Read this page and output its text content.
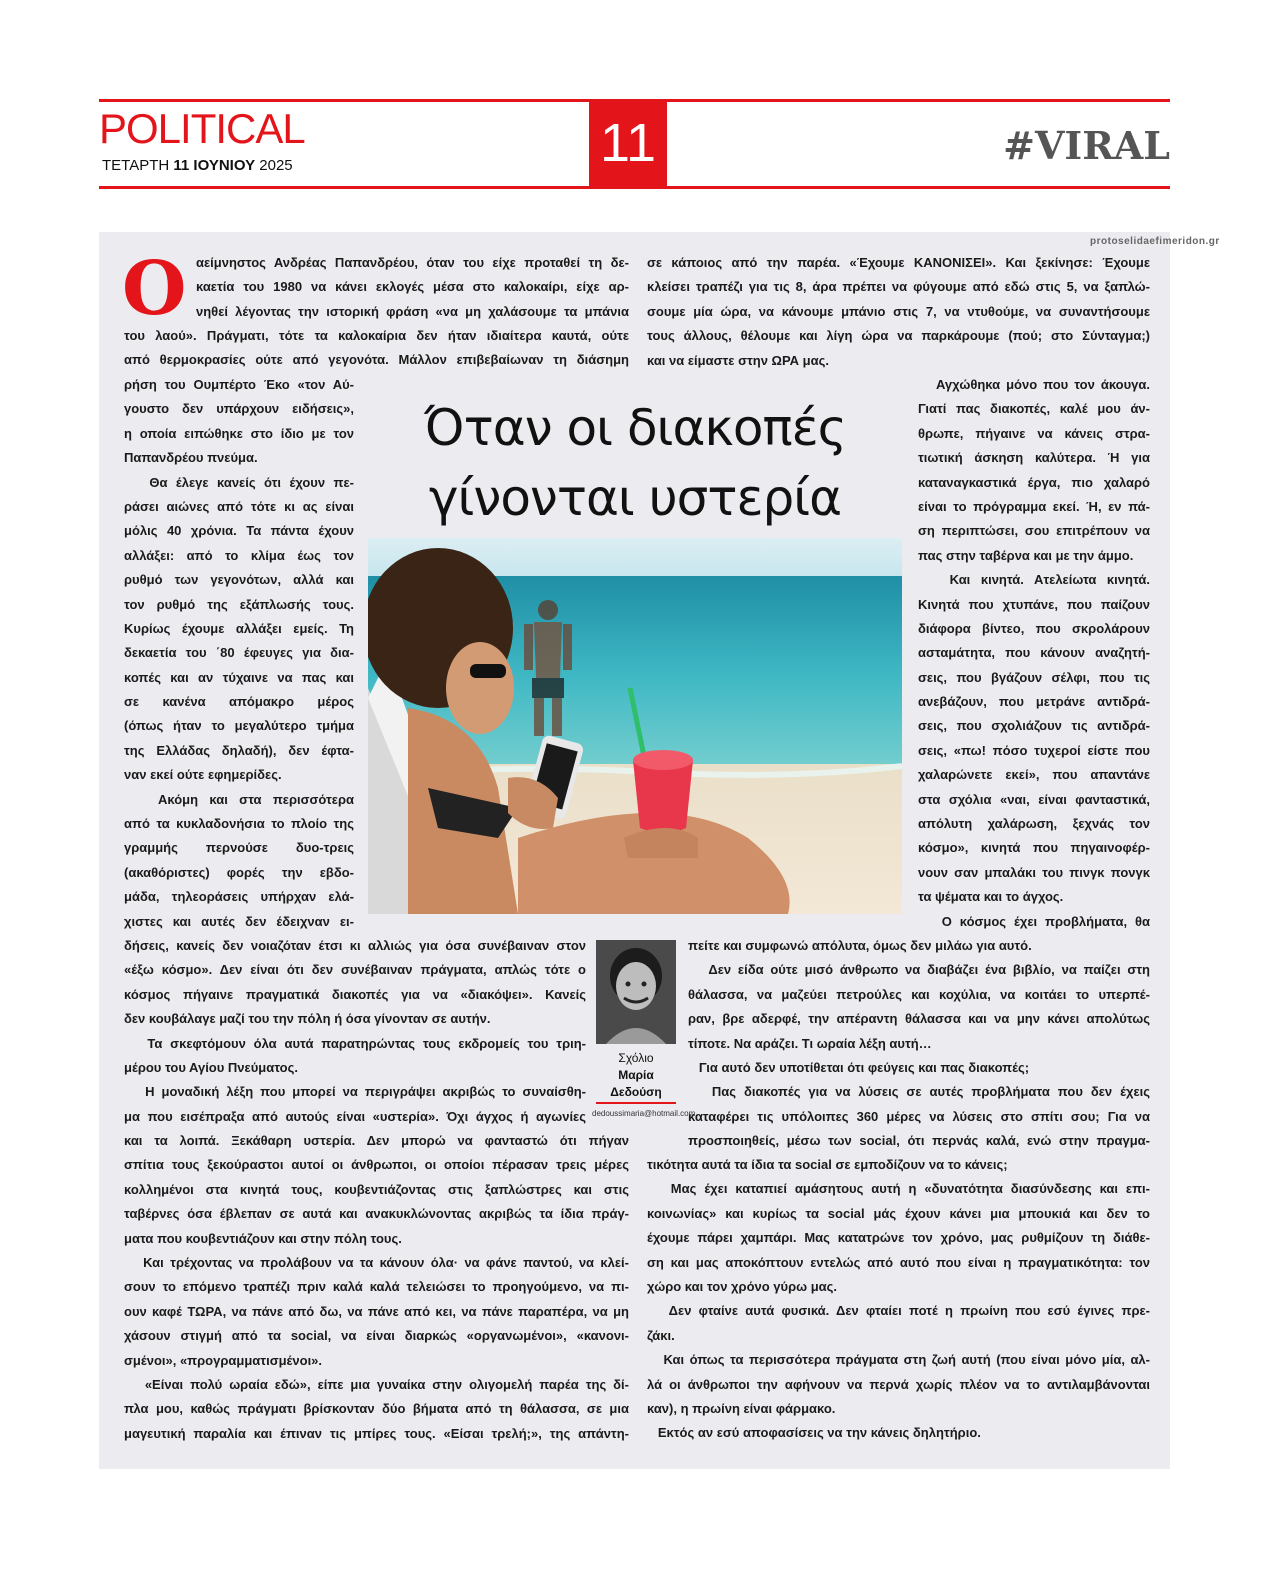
POLITICAL
ΤΕΤΑΡΤΗ 11 ΙΟΥΝΙΟΥ 2025	11	#VIRAL
protoselidaefimeridon.gr
Ο αείμνηστος Ανδρέας Παπανδρέου, όταν του είχε προταθεί τη δε-
καετία του 1980 να κάνει εκλογές μέσα στο καλοκαίρι, είχε αρ-
νηθεί λέγοντας την ιστορική φράση «να μη χαλάσουμε τα μπάνια
του λαού». Πράγματι, τότε τα καλοκαίρια δεν ήταν ιδιαίτερα καυτά, ούτε
από θερμοκρασίες ούτε από γεγονότα. Μάλλον επιβεβαίωναν τη διάσημη
ρήση του Ουμπέρτο Έκο «τον Αύ-
γουστο δεν υπάρχουν ειδήσεις»,
η οποία ειπώθηκε στο ίδιο με τον
Παπανδρέου πνεύμα.
Θα έλεγε κανείς ότι έχουν πε-
ράσει αιώνες από τότε κι ας είναι
μόλις 40 χρόνια. Τα πάντα έχουν
αλλάξει: από το κλίμα έως τον
ρυθμό των γεγονότων, αλλά και
τον ρυθμό της εξάπλωσής τους.
Κυρίως έχουμε αλλάξει εμείς. Τη
δεκαετία του ΄80 έφευγες για δια-
κοπές και αν τύχαινε να πας και
σε κανένα απόμακρο μέρος
(όπως ήταν το μεγαλύτερο τμήμα
της Ελλάδας δηλαδή), δεν έφτα-
ναν εκεί ούτε εφημερίδες.
Ακόμη και στα περισσότερα
από τα κυκλαδονήσια το πλοίο της
γραμμής περνούσε δυο-τρεις
(ακαθόριστες) φορές την εβδο-
μάδα, τηλεοράσεις υπήρχαν ελά-
χιστες και αυτές δεν έδειχναν ει-
δήσεις, κανείς δεν νοιαζόταν έτσι κι αλλιώς για όσα συνέβαιναν στον
«έξω κόσμο». Δεν είναι ότι δεν συνέβαιναν πράγματα, απλώς τότε ο
κόσμος πήγαινε πραγματικά διακοπές για να «διακόψει». Κανείς
δεν κουβάλαγε μαζί του την πόλη ή όσα γίνονταν σε αυτήν.
Τα σκεφτόμουν όλα αυτά παρατηρώντας τους εκδρομείς του τριη-
μέρου του Αγίου Πνεύματος.
Η μοναδική λέξη που μπορεί να περιγράψει ακριβώς το συναίσθη-
μα που εισέπραξα από αυτούς είναι «υστερία». Όχι άγχος ή αγωνίες
και τα λοιπά. Ξεκάθαρη υστερία. Δεν μπορώ να φανταστώ ότι πήγαν
σπίτια τους ξεκούραστοι αυτοί οι άνθρωποι, οι οποίοι πέρασαν τρεις μέρες
κολλημένοι στα κινητά τους, κουβεντιάζοντας στις ξαπλώστρες και στις
ταβέρνες όσα έβλεπαν σε αυτά και ανακυκλώνοντας ακριβώς τα ίδια πράγ-
ματα που κουβεντιάζουν και στην πόλη τους.
Και τρέχοντας να προλάβουν να τα κάνουν όλα· να φάνε παντού, να κλεί-
σουν το επόμενο τραπέζι πριν καλά καλά τελειώσει το προηγούμενο, να πι-
ουν καφέ ΤΩΡΑ, να πάνε από δω, να πάνε από κει, να πάνε παραπέρα, να μη
χάσουν στιγμή από τα social, να είναι διαρκώς «οργανωμένοι», «κανονι-
σμένοι», «προγραμματισμένοι».
«Είναι πολύ ωραία εδώ», είπε μια γυναίκα στην ολιγομελή παρέα της δί-
πλα μου, καθώς πράγματι βρίσκονταν δύο βήματα από τη θάλασσα, σε μια
μαγευτική παραλία και έπιναν τις μπίρες τους. «Είσαι τρελή;», της απάντη-
σε κάποιος από την παρέα. «Έχουμε ΚΑΝΟΝΙΣΕΙ». Και ξεκίνησε: Έχουμε
κλείσει τραπέζι για τις 8, άρα πρέπει να φύγουμε από εδώ στις 5, να ξαπλώ-
σουμε μία ώρα, να κάνουμε μπάνιο στις 7, να ντυθούμε, να συναντήσουμε
τους άλλους, θέλουμε και λίγη ώρα να παρκάρουμε (πού; στο Σύνταγμα;)
και να είμαστε στην ΩΡΑ μας.
Αγχώθηκα μόνο που τον άκουγα.
Γιατί πας διακοπές, καλέ μου άν-
θρωπε, πήγαινε να κάνεις στρα-
τιωτική άσκηση καλύτερα. Ή για
καταναγκαστικά έργα, πιο χαλαρό
είναι το πρόγραμμα εκεί. Ή, εν πά-
ση περιπτώσει, σου επιτρέπουν να
πας στην ταβέρνα και με την άμμο.
Και κινητά. Ατελείωτα κινητά.
Κινητά που χτυπάνε, που παίζουν
διάφορα βίντεο, που σκρολάρουν
ασταμάτητα, που κάνουν αναζητή-
σεις, που βγάζουν σέλφι, που τις
ανεβάζουν, που μετράνε αντιδρά-
σεις, που σχολιάζουν τις αντιδρά-
σεις, «πω! πόσο τυχεροί είστε που
χαλαρώνετε εκεί», που απαντάνε
στα σχόλια «ναι, είναι φανταστικά,
απόλυτη χαλάρωση, ξεχνάς τον
κόσμο», κινητά που πηγαινοφέρ-
νουν σαν μπαλάκι του πινγκ πονγκ
τα ψέματα και το άγχος.
Ο κόσμος έχει προβλήματα, θα
πείτε και συμφωνώ απόλυτα, όμως δεν μιλάω για αυτό.
Δεν είδα ούτε μισό άνθρωπο να διαβάζει ένα βιβλίο, να παίζει στη
θάλασσα, να μαζεύει πετρούλες και κοχύλια, να κοιτάει το υπερπέ-
ραν, βρε αδερφέ, την απέραντη θάλασσα και να μην κάνει απολύτως
τίποτε. Να αράζει. Τι ωραία λέξη αυτή…
Για αυτό δεν υποτίθεται ότι φεύγεις και πας διακοπές;
Πας διακοπές για να λύσεις σε αυτές προβλήματα που δεν έχεις
καταφέρει τις υπόλοιπες 360 μέρες να λύσεις στο σπίτι σου; Για να
προσποιηθείς, μέσω των social, ότι περνάς καλά, ενώ στην πραγμα-
τικότητα αυτά τα ίδια τα social σε εμποδίζουν να το κάνεις;
Μας έχει καταπιεί αμάσητους αυτή η «δυνατότητα διασύνδεσης και επι-
κοινωνίας» και κυρίως τα social μάς έχουν κάνει μια μπουκιά και δεν το
έχουμε πάρει χαμπάρι. Μας κατατρώνε τον χρόνο, μας ρυθμίζουν τη διάθε-
ση και μας αποκόπτουν εντελώς από αυτό που είναι η πραγματικότητα: τον
χώρο και τον χρόνο γύρω μας.
Δεν φταίνε αυτά φυσικά. Δεν φταίει ποτέ η πρωίνη που εσύ έγινες πρε-
ζάκι.
Και όπως τα περισσότερα πράγματα στη ζωή αυτή (που είναι μόνο μία, αλ-
λά οι άνθρωποι την αφήνουν να περνά χωρίς πλέον να το αντιλαμβάνονται
καν), η πρωίνη είναι φάρμακο.
Εκτός αν εσύ αποφασίσεις να την κάνεις δηλητήριο.
Όταν οι διακοπές
γίνονται υστερία
Σχόλιο
Μαρία
Δεδούση
dedoussimaria@hotmail.com
